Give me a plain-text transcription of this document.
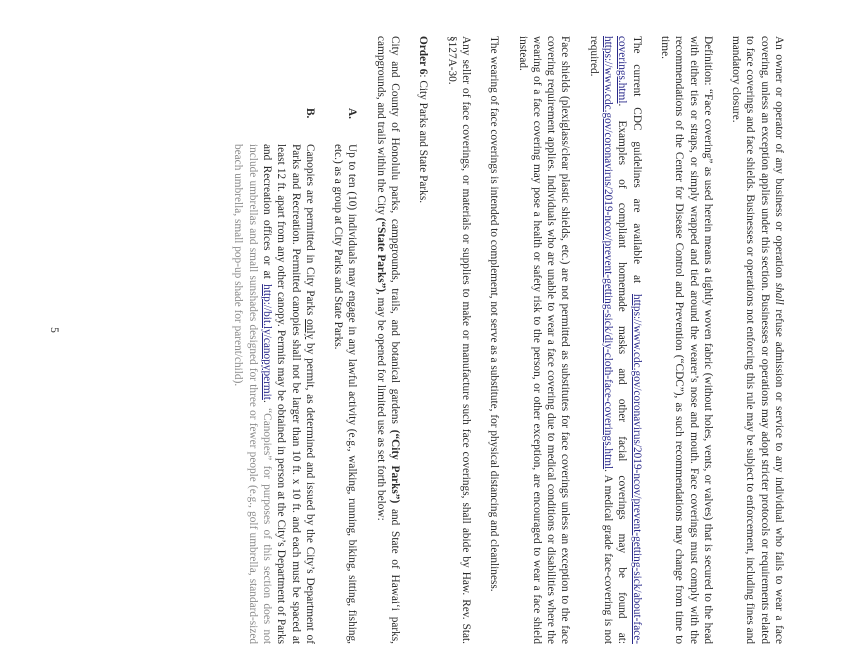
An owner or operator of any business or operation shall refuse admission or service to any individual who fails to wear a face covering, unless an exception applies under this section. Businesses or operations may adopt stricter protocols or requirements related to face coverings and face shields. Businesses or operations not enforcing this rule may be subject to enforcement, including fines and mandatory closure.

Definition: “Face covering” as used herein means a tightly woven fabric (without holes, vents, or valves) that is secured to the head with either ties or straps, or simply wrapped and tied around the wearer’s nose and mouth. Face coverings must comply with the recommendations of the Center for Disease Control and Prevention (“CDC”), as such recommendations may change from time to time.

The current CDC guidelines are available at https://www.cdc.gov/coronavirus/2019-ncov/prevent-getting-sick/about-face-coverings.html. Examples of compliant homemade masks and other facial coverings may be found at: https://www.cdc.gov/coronavirus/2019-ncov/prevent-getting-sick/diy-cloth-face-coverings.html. A medical grade face-covering is not required.

Face shields (plexiglass/clear plastic shields, etc.) are not permitted as substitutes for face coverings unless an exception to the face covering requirement applies. Individuals who are unable to wear a face covering due to medical conditions or disabilities where the wearing of a face covering may pose a health or safety risk to the person, or other exception, are encouraged to wear a face shield instead.

The wearing of face coverings is intended to complement, not serve as a substitute, for physical distancing and cleanliness.

Any seller of face coverings, or materials or supplies to make or manufacture such face coverings, shall abide by Haw. Rev. Stat. §127A-30.

Order 6: City Parks and State Parks.

City and County of Honolulu parks, campgrounds, trails, and botanical gardens (“City Parks”) and State of Hawai‘i parks, campgrounds, and trails within the City (“State Parks”), may be opened for limited use as set forth below:

A.
Up to ten (10) individuals may engage in any lawful activity (e.g., walking, running, biking, sitting, fishing, etc.) as a group at City Parks and State Parks.
B.
Canopies are permitted in City Parks only by permit, as determined and issued by the City’s Department of Parks and Recreation. Permitted canopies shall not be larger than 10 ft. x 10 ft. and each must be spaced at least 12 ft. apart from any other canopy. Permits may be obtained in person at the City’s Department of Parks and Recreation offices or at http://bit.ly/canopypermit. “Canopies” for purposes of this section does not include umbrellas and small sunshades designed for three or fewer people (e.g., golf umbrella, standard-sized beach umbrella, small pop-up shade for parent/child).
5
